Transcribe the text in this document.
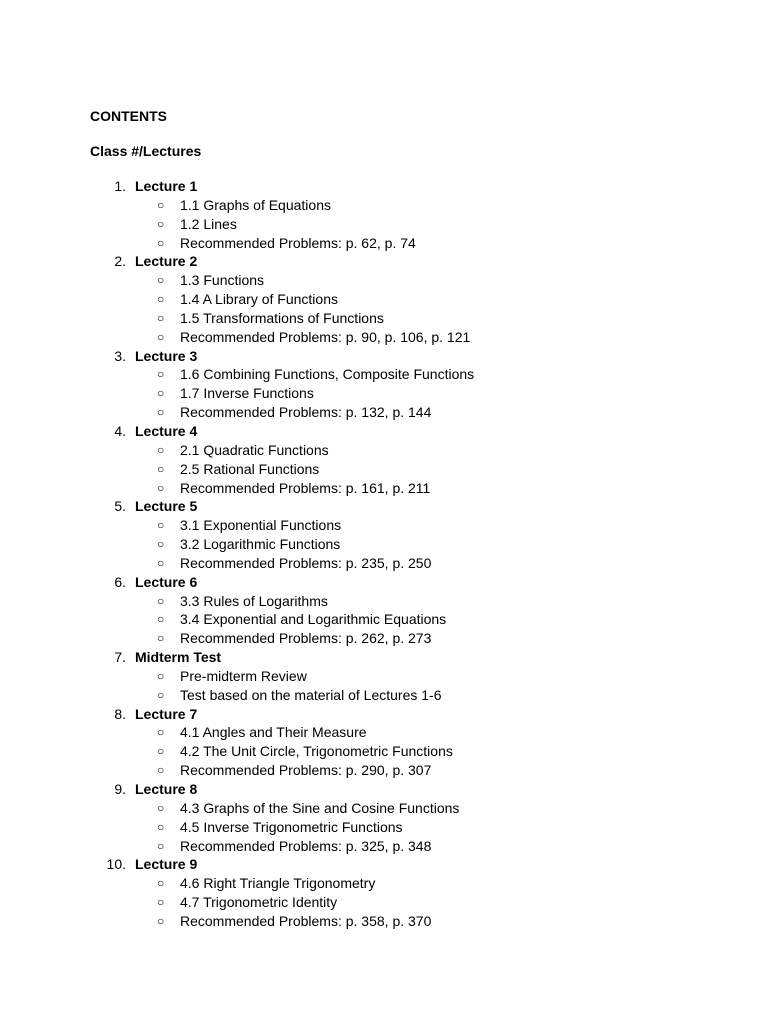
CONTENTS
Class #/Lectures
1. Lecture 1
○ 1.1 Graphs of Equations
○ 1.2 Lines
○ Recommended Problems: p. 62, p. 74
2. Lecture 2
○ 1.3 Functions
○ 1.4 A Library of Functions
○ 1.5 Transformations of Functions
○ Recommended Problems: p. 90, p. 106, p. 121
3. Lecture 3
○ 1.6 Combining Functions, Composite Functions
○ 1.7 Inverse Functions
○ Recommended Problems: p. 132, p. 144
4. Lecture 4
○ 2.1 Quadratic Functions
○ 2.5 Rational Functions
○ Recommended Problems: p. 161, p. 211
5. Lecture 5
○ 3.1 Exponential Functions
○ 3.2 Logarithmic Functions
○ Recommended Problems: p. 235, p. 250
6. Lecture 6
○ 3.3 Rules of Logarithms
○ 3.4 Exponential and Logarithmic Equations
○ Recommended Problems: p. 262, p. 273
7. Midterm Test
○ Pre-midterm Review
○ Test based on the material of Lectures 1-6
8. Lecture 7
○ 4.1 Angles and Their Measure
○ 4.2 The Unit Circle, Trigonometric Functions
○ Recommended Problems: p. 290, p. 307
9. Lecture 8
○ 4.3 Graphs of the Sine and Cosine Functions
○ 4.5 Inverse Trigonometric Functions
○ Recommended Problems: p. 325, p. 348
10. Lecture 9
○ 4.6 Right Triangle Trigonometry
○ 4.7 Trigonometric Identity
○ Recommended Problems: p. 358, p. 370
